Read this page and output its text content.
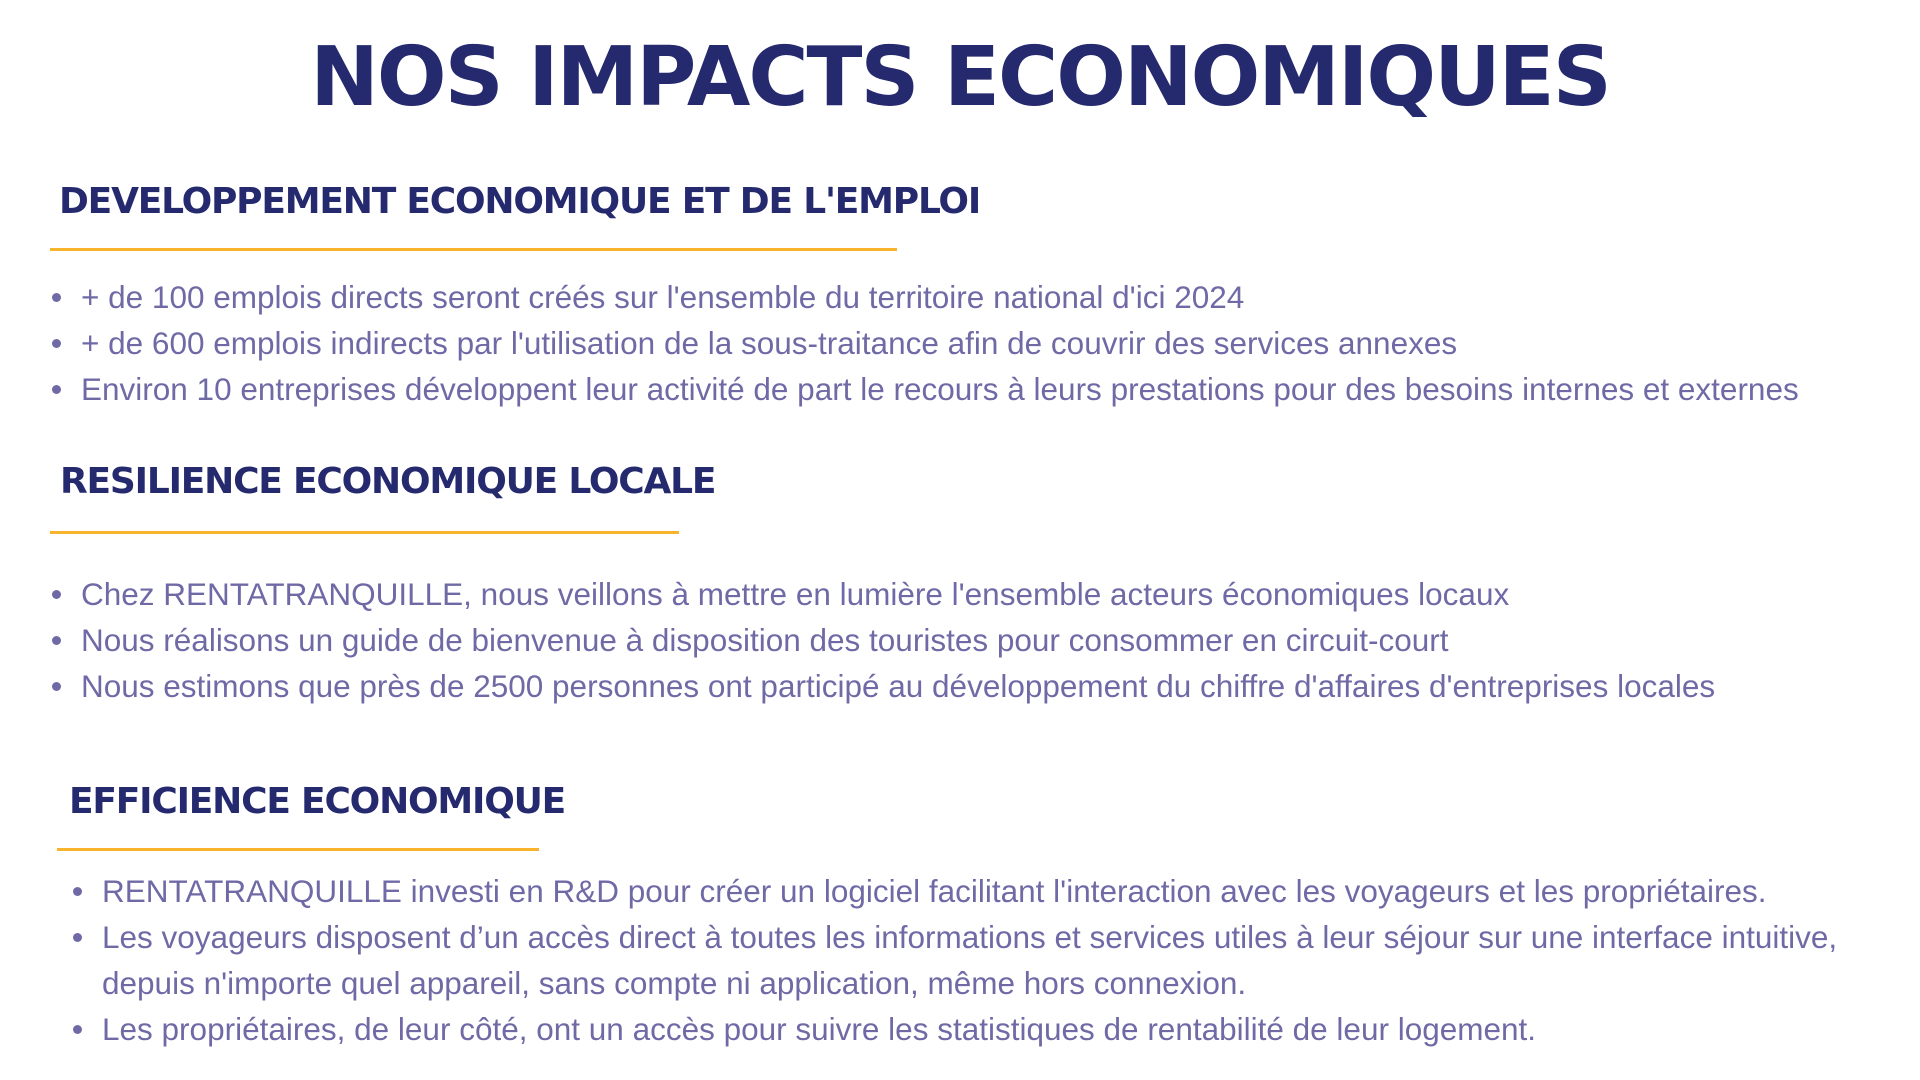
NOS IMPACTS ECONOMIQUES
DEVELOPPEMENT ECONOMIQUE ET DE L'EMPLOI
+ de 100 emplois directs seront créés sur l'ensemble du territoire national d'ici 2024
+ de 600 emplois indirects par l'utilisation de la sous-traitance afin de couvrir des services annexes
Environ 10 entreprises développent leur activité de part le recours à leurs prestations pour des besoins internes et externes
RESILIENCE ECONOMIQUE LOCALE
Chez RENTATRANQUILLE, nous veillons à mettre en lumière l'ensemble acteurs économiques locaux
Nous réalisons un guide de bienvenue à disposition des touristes pour consommer en circuit-court
Nous estimons que près de 2500 personnes ont participé au développement du chiffre d'affaires d'entreprises locales
EFFICIENCE ECONOMIQUE
RENTATRANQUILLE investi en R&D pour créer un logiciel facilitant l'interaction avec les voyageurs et les propriétaires.
Les voyageurs disposent d’un accès direct à toutes les informations et services utiles à leur séjour sur une interface intuitive, depuis n'importe quel appareil, sans compte ni application, même hors connexion.
Les propriétaires, de leur côté, ont un accès pour suivre les statistiques de rentabilité de leur logement.
